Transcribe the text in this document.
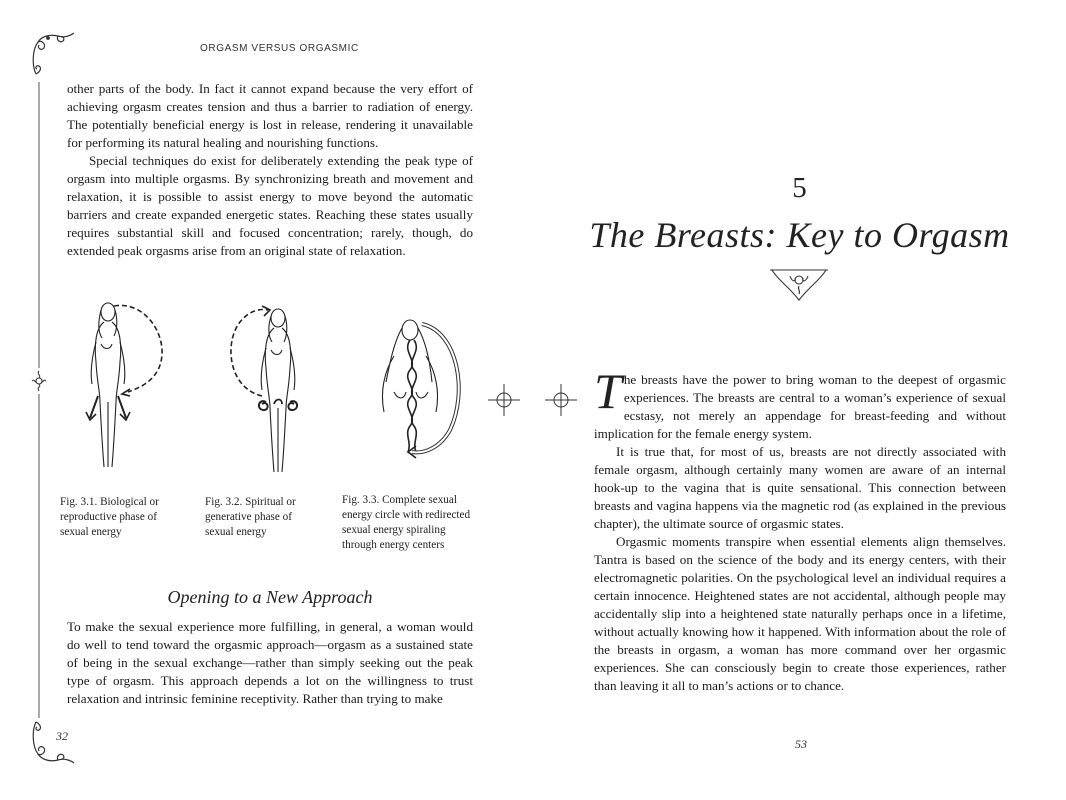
ORGASM VERSUS ORGASMIC

other parts of the body. In fact it cannot expand because the very effort of achieving orgasm creates tension and thus a barrier to radiation of energy. The potentially beneficial energy is lost in release, rendering it unavailable for performing its natural healing and nourishing functions.

Special techniques do exist for deliberately extending the peak type of orgasm into multiple orgasms. By synchronizing breath and movement and relaxation, it is possible to assist energy to move beyond the automatic barriers and create expanded energetic states. Reaching these states usually requires substantial skill and focused concentration; rarely, though, do extended peak orgasms arise from an original state of relaxation.

Fig. 3.1. Biological or reproductive phase of sexual energy
Fig. 3.2. Spiritual or generative phase of sexual energy
Fig. 3.3. Complete sexual energy circle with redirected sexual energy spiraling through energy centers
Opening to a New Approach

To make the sexual experience more fulfilling, in general, a woman would do well to tend toward the orgasmic approach—orgasm as a sustained state of being in the sexual exchange—rather than simply seeking out the peak type of orgasm. This approach depends a lot on the willingness to trust relaxation and intrinsic feminine receptivity. Rather than trying to make

32
5
The Breasts: Key to Orgasm

The breasts have the power to bring woman to the deepest of orgasmic experiences. The breasts are central to a woman’s experience of sexual ecstasy, not merely an appendage for breast-feeding and without implication for the female energy system.

It is true that, for most of us, breasts are not directly associated with female orgasm, although certainly many women are aware of an internal hook-up to the vagina that is quite sensational. This connection between breasts and vagina happens via the magnetic rod (as explained in the previous chapter), the ultimate source of orgasmic states.

Orgasmic moments transpire when essential elements align themselves. Tantra is based on the science of the body and its energy centers, with their electromagnetic polarities. On the psychological level an individual requires a certain innocence. Heightened states are not accidental, although people may accidentally slip into a heightened state naturally perhaps once in a lifetime, without actually knowing how it happened. With information about the role of the breasts in orgasm, a woman has more command over her orgasmic experiences. She can consciously begin to create those experiences, rather than leaving it all to man’s actions or to chance.

53
